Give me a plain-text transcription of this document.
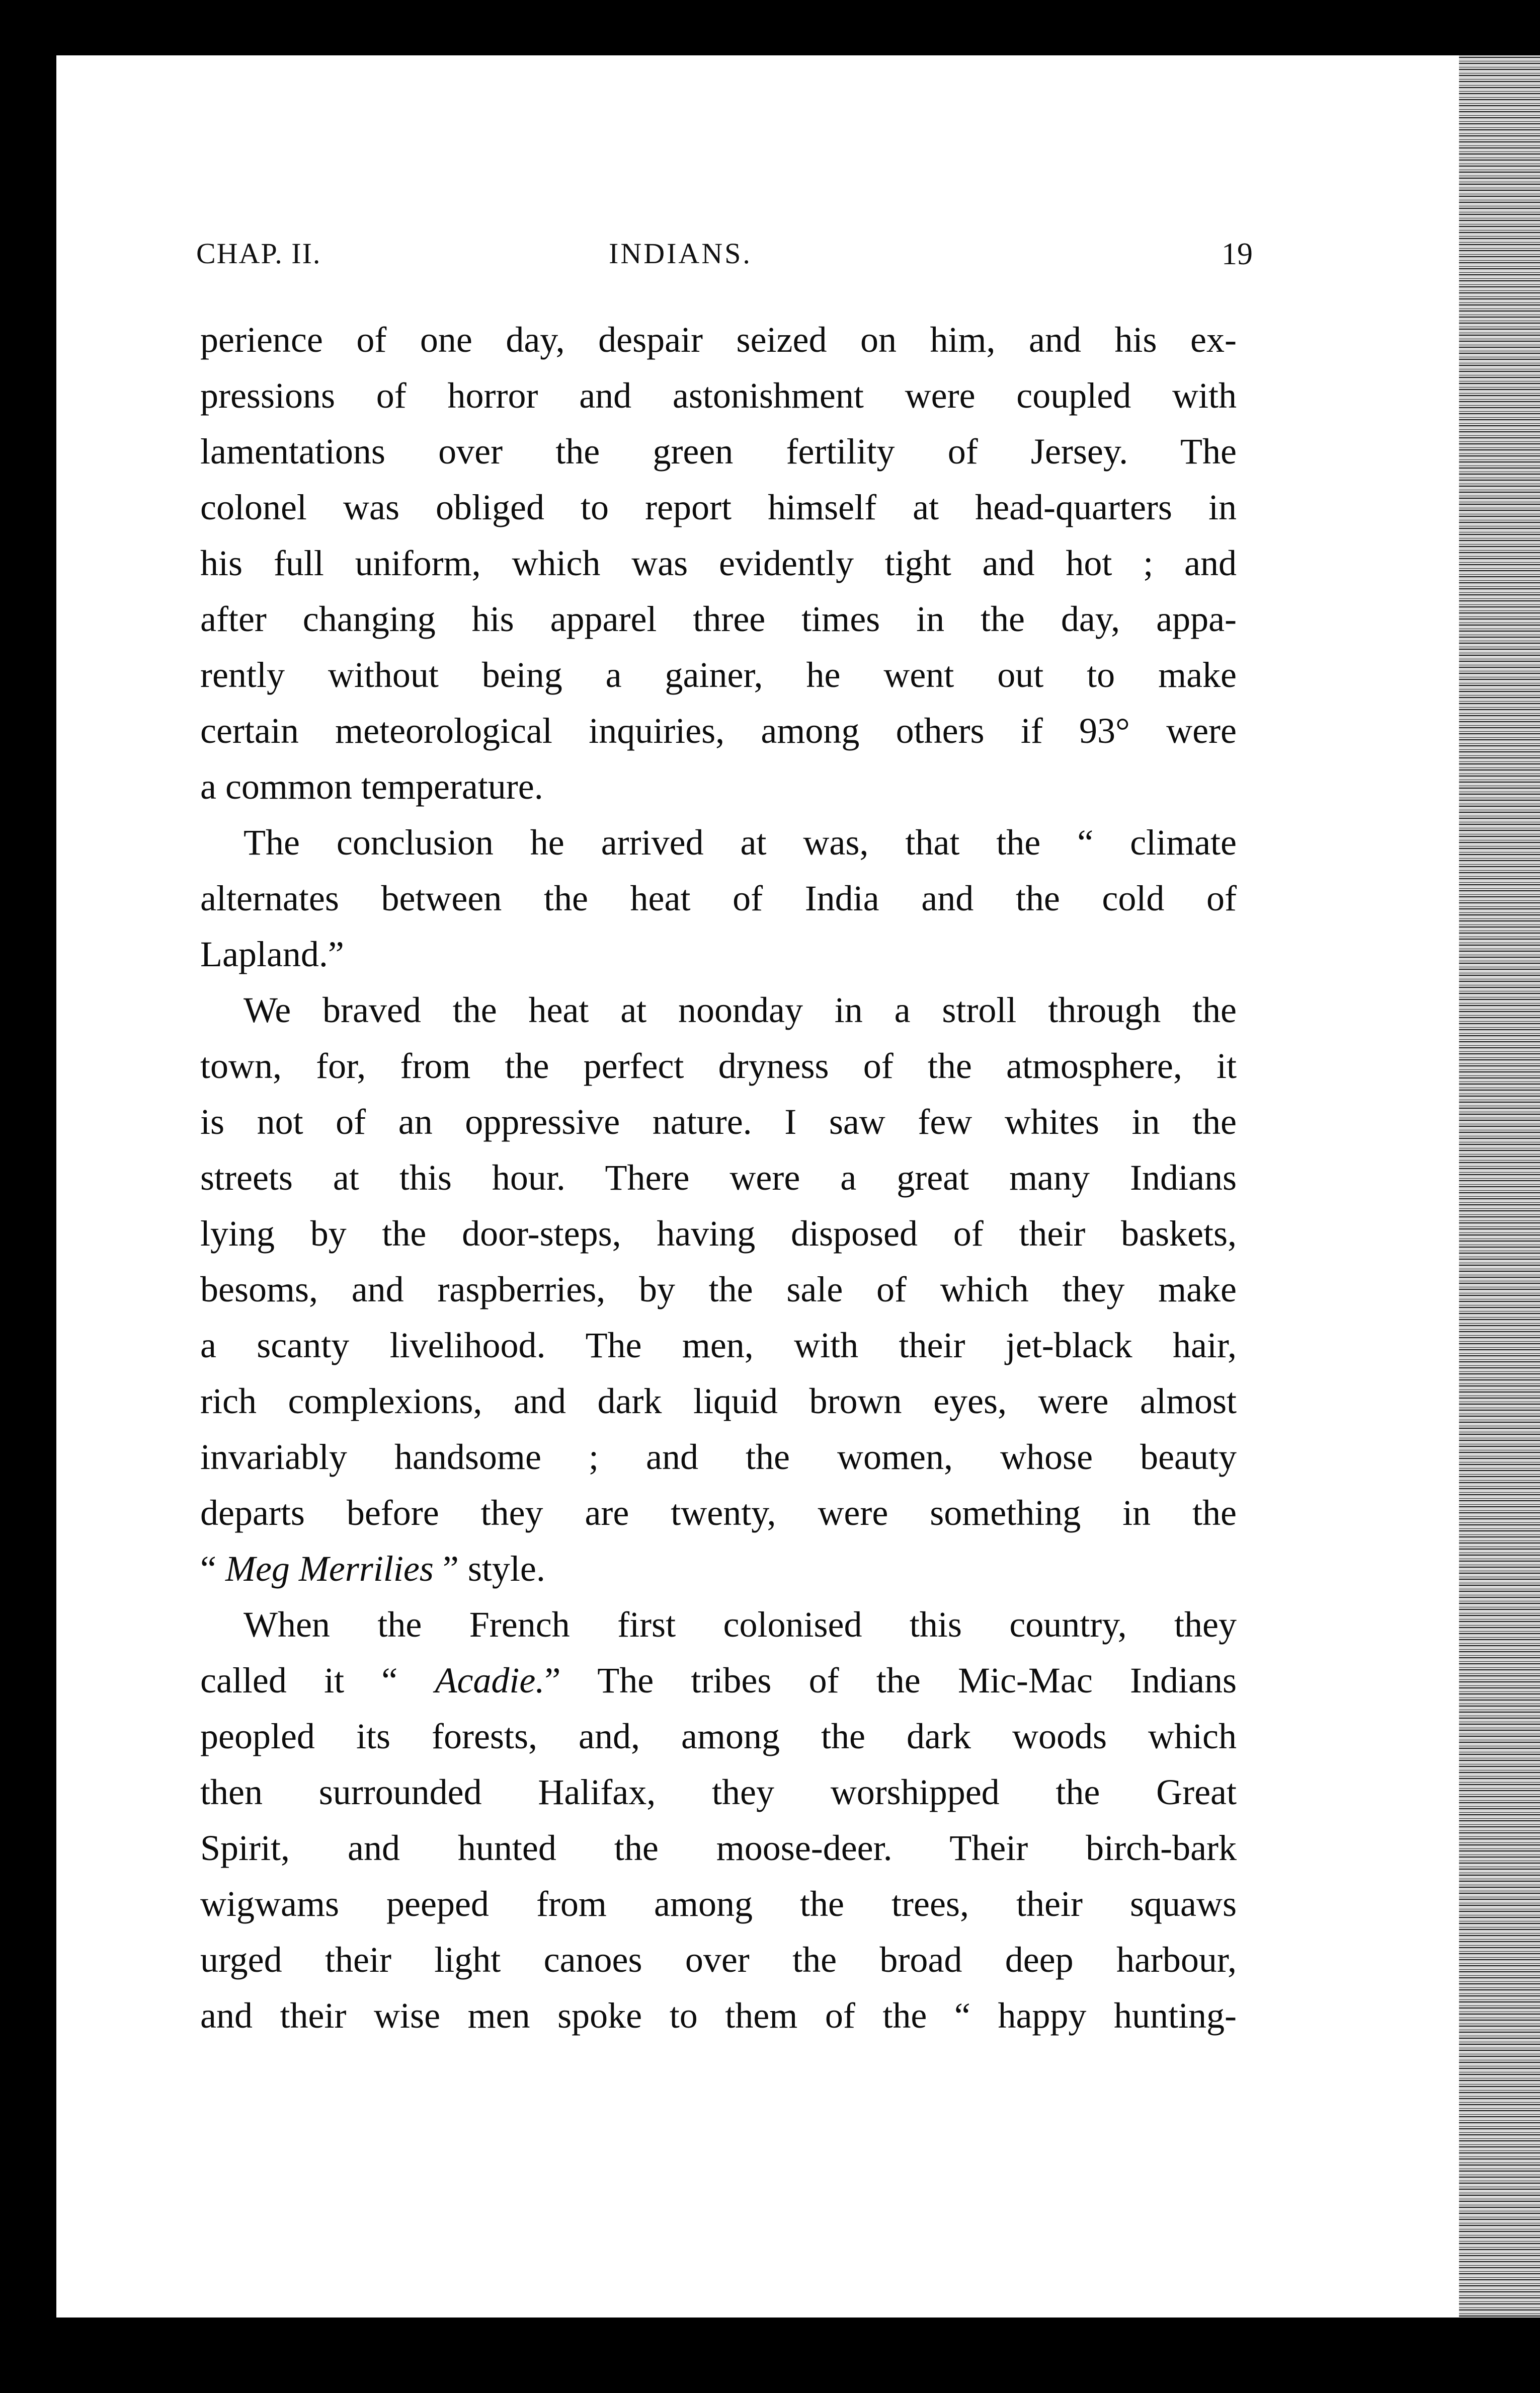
CHAP. II.	INDIANS.	19
perience of one day, despair seized on him, and his ex-
pressions of horror and astonishment were coupled with
lamentations over the green fertility of Jersey. The
colonel was obliged to report himself at head-quarters in
his full uniform, which was evidently tight and hot ; and
after changing his apparel three times in the day, appa-
rently without being a gainer, he went out to make
certain meteorological inquiries, among others if 93° were
a common temperature.
The conclusion he arrived at was, that the “ climate
alternates between the heat of India and the cold of
Lapland.”
We braved the heat at noonday in a stroll through the
town, for, from the perfect dryness of the atmosphere, it
is not of an oppressive nature. I saw few whites in the
streets at this hour. There were a great many Indians
lying by the door-steps, having disposed of their baskets,
besoms, and raspberries, by the sale of which they make
a scanty livelihood. The men, with their jet-black hair,
rich complexions, and dark liquid brown eyes, were almost
invariably handsome ; and the women, whose beauty
departs before they are twenty, were something in the
“ Meg Merrilies ” style.
When the French first colonised this country, they
called it “ Acadie.” The tribes of the Mic-Mac Indians
peopled its forests, and, among the dark woods which
then surrounded Halifax, they worshipped the Great
Spirit, and hunted the moose-deer. Their birch-bark
wigwams peeped from among the trees, their squaws
urged their light canoes over the broad deep harbour,
and their wise men spoke to them of the “ happy hunting-
